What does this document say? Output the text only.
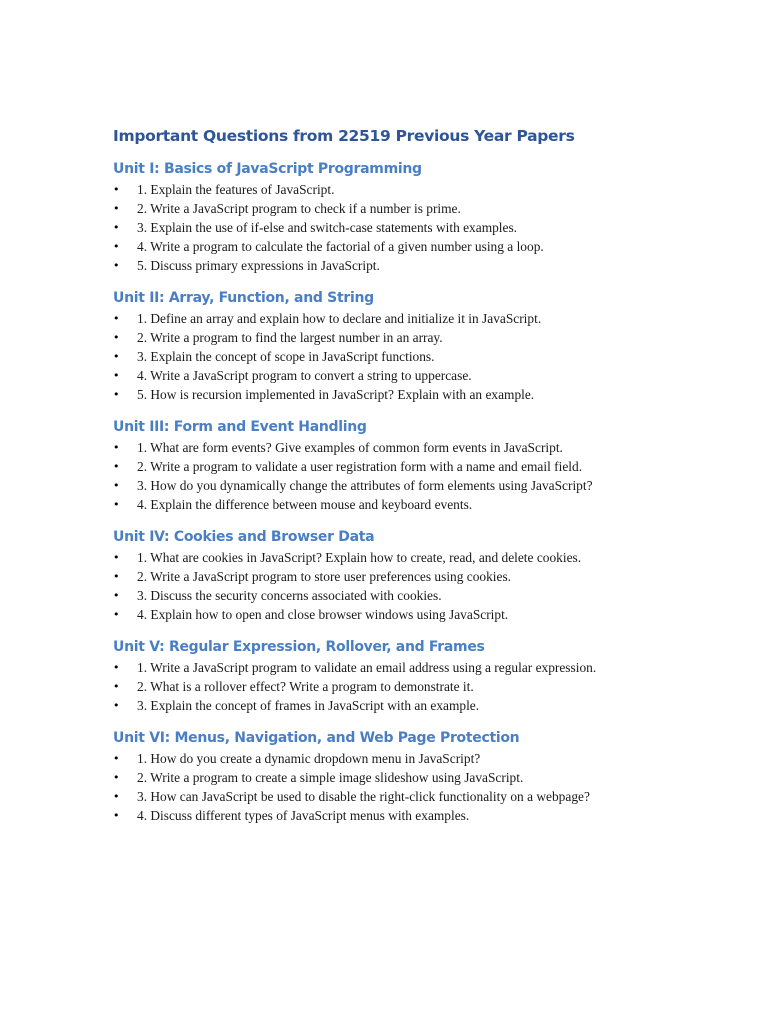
Important Questions from 22519 Previous Year Papers
Unit I: Basics of JavaScript Programming
• 1. Explain the features of JavaScript.
• 2. Write a JavaScript program to check if a number is prime.
• 3. Explain the use of if-else and switch-case statements with examples.
• 4. Write a program to calculate the factorial of a given number using a loop.
• 5. Discuss primary expressions in JavaScript.
Unit II: Array, Function, and String
• 1. Define an array and explain how to declare and initialize it in JavaScript.
• 2. Write a program to find the largest number in an array.
• 3. Explain the concept of scope in JavaScript functions.
• 4. Write a JavaScript program to convert a string to uppercase.
• 5. How is recursion implemented in JavaScript? Explain with an example.
Unit III: Form and Event Handling
• 1. What are form events? Give examples of common form events in JavaScript.
• 2. Write a program to validate a user registration form with a name and email field.
• 3. How do you dynamically change the attributes of form elements using JavaScript?
• 4. Explain the difference between mouse and keyboard events.
Unit IV: Cookies and Browser Data
• 1. What are cookies in JavaScript? Explain how to create, read, and delete cookies.
• 2. Write a JavaScript program to store user preferences using cookies.
• 3. Discuss the security concerns associated with cookies.
• 4. Explain how to open and close browser windows using JavaScript.
Unit V: Regular Expression, Rollover, and Frames
• 1. Write a JavaScript program to validate an email address using a regular expression.
• 2. What is a rollover effect? Write a program to demonstrate it.
• 3. Explain the concept of frames in JavaScript with an example.
Unit VI: Menus, Navigation, and Web Page Protection
• 1. How do you create a dynamic dropdown menu in JavaScript?
• 2. Write a program to create a simple image slideshow using JavaScript.
• 3. How can JavaScript be used to disable the right-click functionality on a webpage?
• 4. Discuss different types of JavaScript menus with examples.
